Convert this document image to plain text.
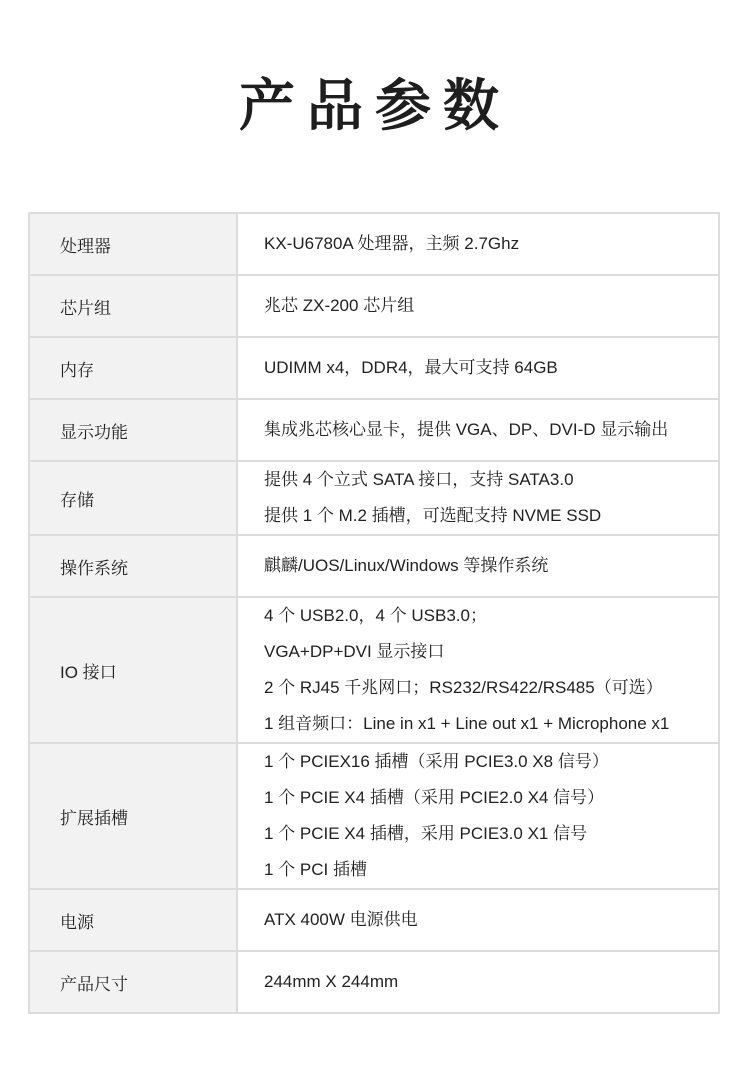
产品参数
处理器	KX-U6780A 处理器，主频 2.7Ghz

芯片组	兆芯 ZX-200 芯片组

内存	UDIMM x4，DDR4，最大可支持 64GB

显示功能	集成兆芯核心显卡，提供 VGA、DP、DVI-D 显示输出

存储	提供 4 个立式 SATA 接口，支持 SATA3.0
提供 1 个 M.2 插槽，可选配支持 NVME SSD

操作系统	麒麟/UOS/Linux/Windows 等操作系统

IO 接口	4 个 USB2.0，4 个 USB3.0；
VGA+DP+DVI 显示接口
2 个 RJ45 千兆网口；RS232/RS422/RS485（可选）
1 组音频口：Line in x1 + Line out x1 + Microphone x1

扩展插槽	1 个 PCIEX16 插槽（采用 PCIE3.0 X8 信号）
1 个 PCIE X4 插槽（采用 PCIE2.0 X4 信号）
1 个 PCIE X4 插槽，采用 PCIE3.0 X1 信号
1 个 PCI 插槽

电源	ATX 400W 电源供电

产品尺寸	244mm X 244mm
